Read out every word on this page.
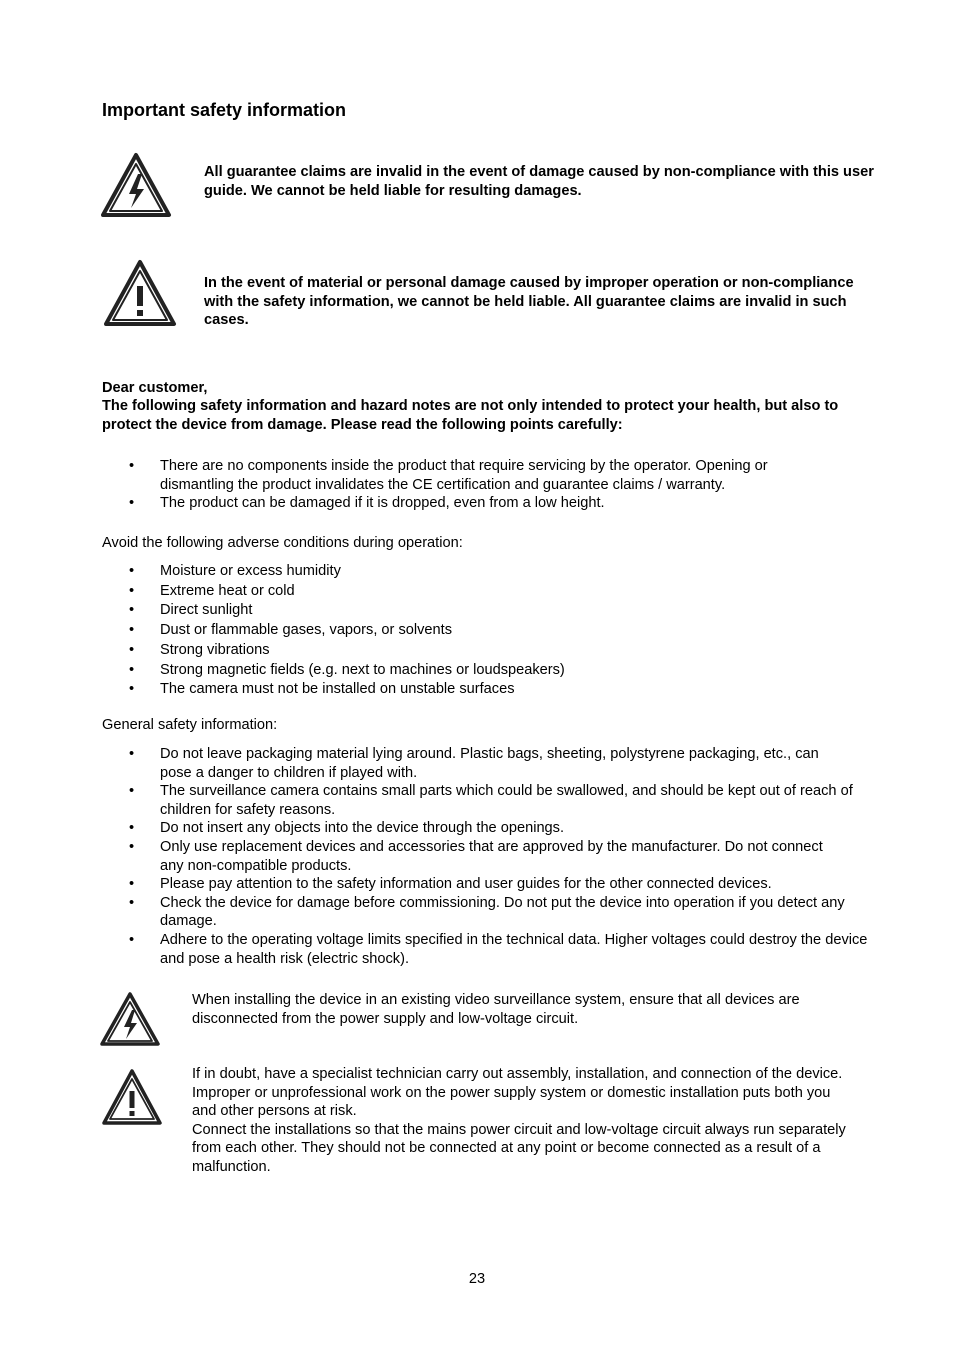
Important safety information
All guarantee claims are invalid in the event of damage caused by non-compliance with this user guide. We cannot be held liable for resulting damages.
In the event of material or personal damage caused by improper operation or non-compliance with the safety information, we cannot be held liable. All guarantee claims are invalid in such cases.
Dear customer,
The following safety information and hazard notes are not only intended to protect your health, but also to protect the device from damage. Please read the following points carefully:
• There are no components inside the product that require servicing by the operator. Opening or dismantling the product invalidates the CE certification and guarantee claims / warranty.
• The product can be damaged if it is dropped, even from a low height.
Avoid the following adverse conditions during operation:
• Moisture or excess humidity
• Extreme heat or cold
• Direct sunlight
• Dust or flammable gases, vapors, or solvents
• Strong vibrations
• Strong magnetic fields (e.g. next to machines or loudspeakers)
• The camera must not be installed on unstable surfaces
General safety information:
• Do not leave packaging material lying around. Plastic bags, sheeting, polystyrene packaging, etc., can pose a danger to children if played with.
• The surveillance camera contains small parts which could be swallowed, and should be kept out of reach of children for safety reasons.
• Do not insert any objects into the device through the openings.
• Only use replacement devices and accessories that are approved by the manufacturer. Do not connect any non-compatible products.
• Please pay attention to the safety information and user guides for the other connected devices.
• Check the device for damage before commissioning. Do not put the device into operation if you detect any damage.
• Adhere to the operating voltage limits specified in the technical data. Higher voltages could destroy the device and pose a health risk (electric shock).
When installing the device in an existing video surveillance system, ensure that all devices are disconnected from the power supply and low-voltage circuit.
If in doubt, have a specialist technician carry out assembly, installation, and connection of the device. Improper or unprofessional work on the power supply system or domestic installation puts both you and other persons at risk.
Connect the installations so that the mains power circuit and low-voltage circuit always run separately
from each other. They should not be connected at any point or become connected as a result of a malfunction.
23
